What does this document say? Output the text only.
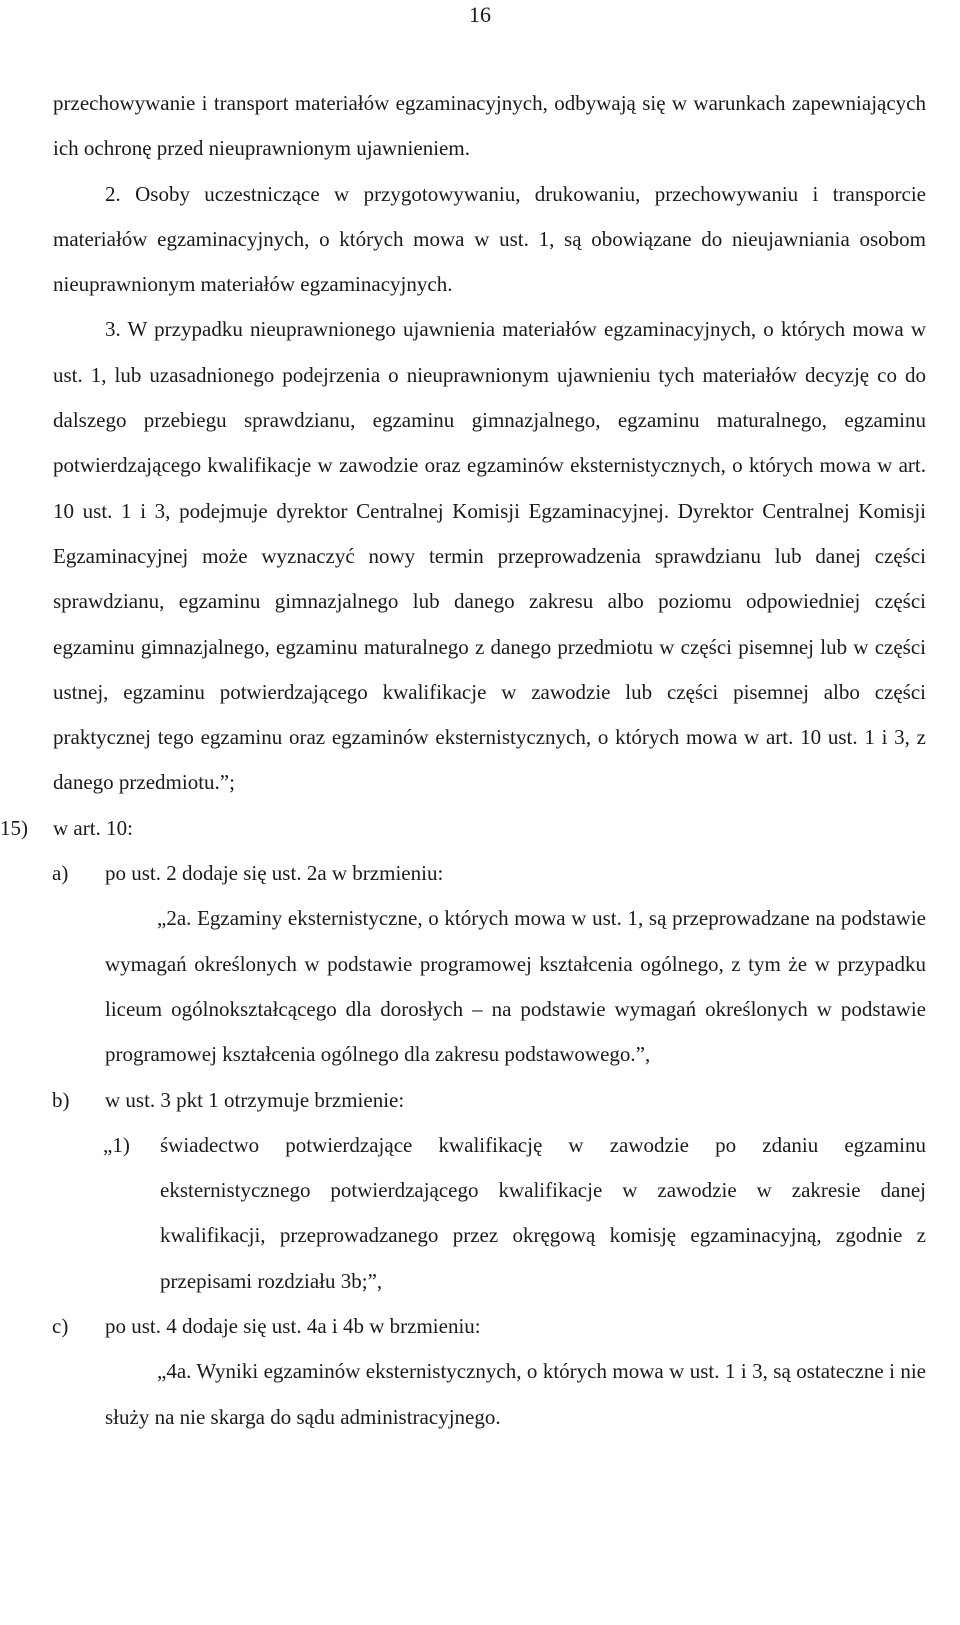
16
przechowywanie i transport materiałów egzaminacyjnych, odbywają się w warunkach zapewniających ich ochronę przed nieuprawnionym ujawnieniem.
2. Osoby uczestniczące w przygotowywaniu, drukowaniu, przechowywaniu i transporcie materiałów egzaminacyjnych, o których mowa w ust. 1, są obowiązane do nieujawniania osobom nieuprawnionym materiałów egzaminacyjnych.
3. W przypadku nieuprawnionego ujawnienia materiałów egzaminacyjnych, o których mowa w ust. 1, lub uzasadnionego podejrzenia o nieuprawnionym ujawnieniu tych materiałów decyzję co do dalszego przebiegu sprawdzianu, egzaminu gimnazjalnego, egzaminu maturalnego, egzaminu potwierdzającego kwalifikacje w zawodzie oraz egzaminów eksternistycznych, o których mowa w art. 10 ust. 1 i 3, podejmuje dyrektor Centralnej Komisji Egzaminacyjnej. Dyrektor Centralnej Komisji Egzaminacyjnej może wyznaczyć nowy termin przeprowadzenia sprawdzianu lub danej części sprawdzianu, egzaminu gimnazjalnego lub danego zakresu albo poziomu odpowiedniej części egzaminu gimnazjalnego, egzaminu maturalnego z danego przedmiotu w części pisemnej lub w części ustnej, egzaminu potwierdzającego kwalifikacje w zawodzie lub części pisemnej albo części praktycznej tego egzaminu oraz egzaminów eksternistycznych, o których mowa w art. 10 ust. 1 i 3, z danego przedmiotu.”;
15) w art. 10:
a) po ust. 2 dodaje się ust. 2a w brzmieniu:
„2a. Egzaminy eksternistyczne, o których mowa w ust. 1, są przeprowadzane na podstawie wymagań określonych w podstawie programowej kształcenia ogólnego, z tym że w przypadku liceum ogólnokształcącego dla dorosłych – na podstawie wymagań określonych w podstawie programowej kształcenia ogólnego dla zakresu podstawowego.”,
b) w ust. 3 pkt 1 otrzymuje brzmienie:
„1) świadectwo potwierdzające kwalifikację w zawodzie po zdaniu egzaminu eksternistycznego potwierdzającego kwalifikacje w zawodzie w zakresie danej kwalifikacji, przeprowadzanego przez okręgową komisję egzaminacyjną, zgodnie z przepisami rozdziału 3b;”,
c) po ust. 4 dodaje się ust. 4a i 4b w brzmieniu:
„4a. Wyniki egzaminów eksternistycznych, o których mowa w ust. 1 i 3, są ostateczne i nie służy na nie skarga do sądu administracyjnego.
